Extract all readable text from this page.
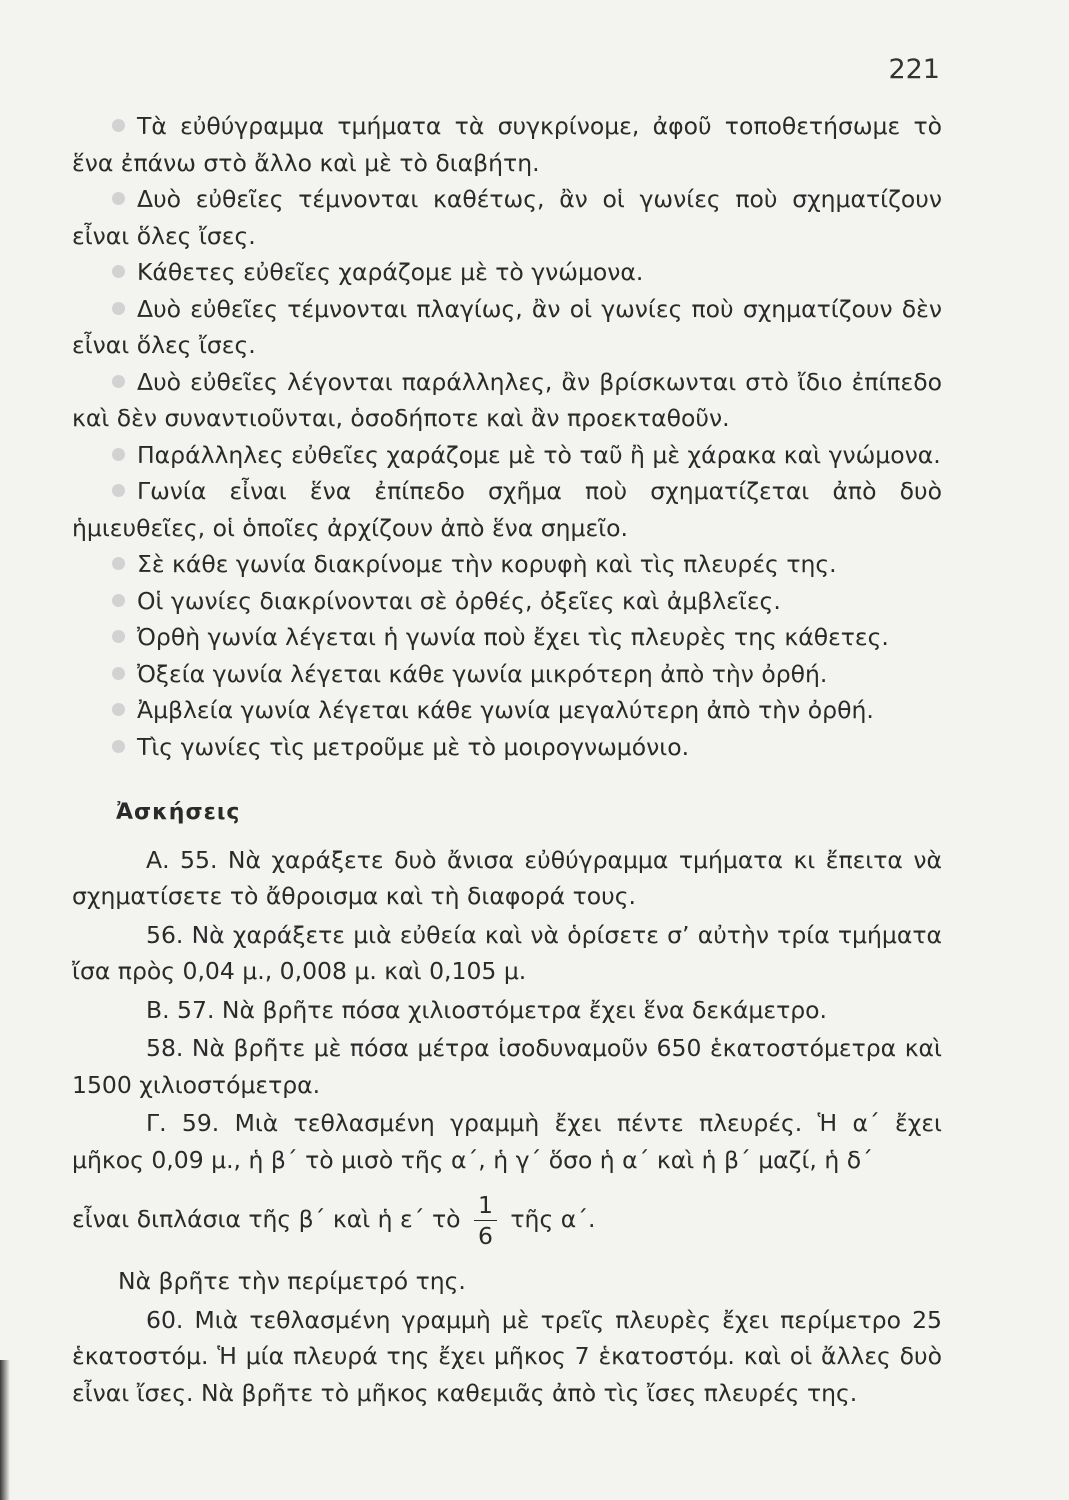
221

Τὰ εὐθύγραμμα τμήματα τὰ συγκρίνομε, ἀφοῦ τοποθετήσωμε τὸ ἕνα ἐπάνω στὸ ἄλλο καὶ μὲ τὸ διαβήτη.

Δυὸ εὐθεῖες τέμνονται καθέτως, ἂν οἱ γωνίες ποὺ σχηματίζουν εἶναι ὅλες ἴσες.

Κάθετες εὐθεῖες χαράζομε μὲ τὸ γνώμονα.

Δυὸ εὐθεῖες τέμνονται πλαγίως, ἂν οἱ γωνίες ποὺ σχηματίζουν δὲν εἶναι ὅλες ἴσες.

Δυὸ εὐθεῖες λέγονται παράλληλες, ἂν βρίσκωνται στὸ ἴδιο ἐπίπεδο καὶ δὲν συναντιοῦνται, ὁσοδήποτε καὶ ἂν προεκταθοῦν.

Παράλληλες εὐθεῖες χαράζομε μὲ τὸ ταῦ ἢ μὲ χάρακα καὶ γνώμονα.

Γωνία εἶναι ἕνα ἐπίπεδο σχῆμα ποὺ σχηματίζεται ἀπὸ δυὸ ἡμιευθεῖες, οἱ ὁποῖες ἀρχίζουν ἀπὸ ἕνα σημεῖο.

Σὲ κάθε γωνία διακρίνομε τὴν κορυφὴ καὶ τὶς πλευρές της.

Οἱ γωνίες διακρίνονται σὲ ὀρθές, ὀξεῖες καὶ ἀμβλεῖες.

Ὀρθὴ γωνία λέγεται ἡ γωνία ποὺ ἔχει τὶς πλευρὲς της κάθετες.

Ὀξεία γωνία λέγεται κάθε γωνία μικρότερη ἀπὸ τὴν ὀρθή.

Ἀμβλεία γωνία λέγεται κάθε γωνία μεγαλύτερη ἀπὸ τὴν ὀρθή.

Τὶς γωνίες τὶς μετροῦμε μὲ τὸ μοιρογνωμόνιο.

Ἀσκήσεις

Α. 55. Νὰ χαράξετε δυὸ ἄνισα εὐθύγραμμα τμήματα κι ἔπειτα νὰ σχηματίσετε τὸ ἄθροισμα καὶ τὴ διαφορά τους.

56. Νὰ χαράξετε μιὰ εὐθεία καὶ νὰ ὁρίσετε σ’ αὐτὴν τρία τμήματα ἴσα πρὸς 0,04 μ., 0,008 μ. καὶ 0,105 μ.

Β. 57. Νὰ βρῆτε πόσα χιλιοστόμετρα ἔχει ἕνα δεκάμετρο.

58. Νὰ βρῆτε μὲ πόσα μέτρα ἰσοδυναμοῦν 650 ἑκατοστόμετρα καὶ 1500 χιλιοστόμετρα.

Γ. 59. Μιὰ τεθλασμένη γραμμὴ ἔχει πέντε πλευρές. Ἡ α΄ ἔχει μῆκος 0,09 μ., ἡ β΄ τὸ μισὸ τῆς α΄, ἡ γ΄ ὅσο ἡ α΄ καὶ ἡ β΄ μαζί, ἡ δ΄

εἶναι διπλάσια τῆς β΄ καὶ ἡ ε΄ τὸ $\frac{1}{6}$ τῆς α΄.

Νὰ βρῆτε τὴν περίμετρό της.

60. Μιὰ τεθλασμένη γραμμὴ μὲ τρεῖς πλευρὲς ἔχει περίμετρο 25 ἑκατοστόμ. Ἡ μία πλευρά της ἔχει μῆκος 7 ἑκατοστόμ. καὶ οἱ ἄλλες δυὸ εἶναι ἴσες. Νὰ βρῆτε τὸ μῆκος καθεμιᾶς ἀπὸ τὶς ἴσες πλευρές της.
